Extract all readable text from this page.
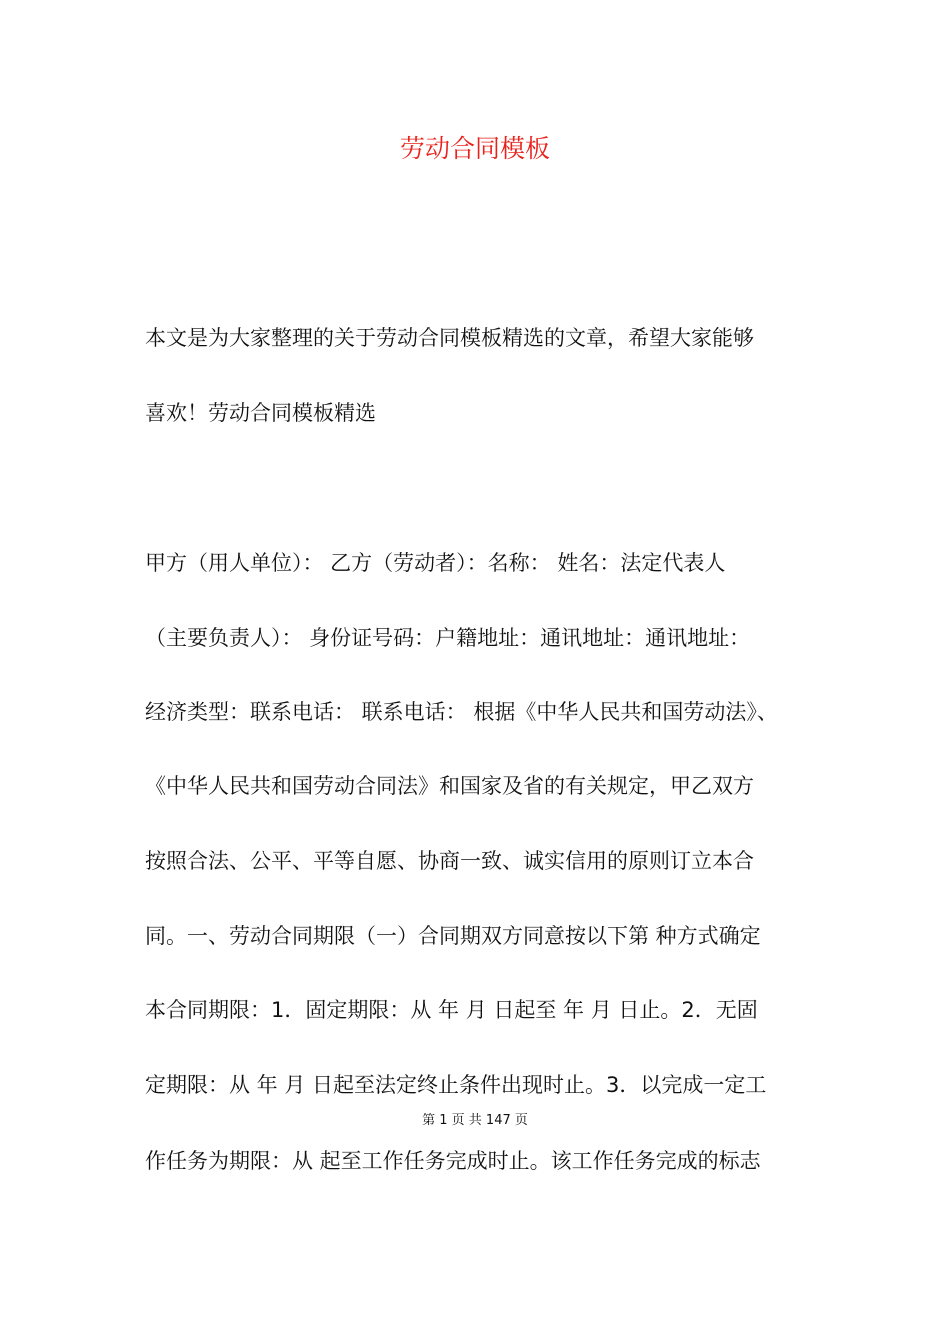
劳动合同模板

本文是为大家整理的关于劳动合同模板精选的文章，希望大家能够

喜欢！劳动合同模板精选

甲方（用人单位）： 乙方（劳动者）：名称： 姓名：法定代表人

（主要负责人）： 身份证号码：户籍地址：通讯地址：通讯地址：

经济类型：联系电话： 联系电话： 根据《中华人民共和国劳动法》、

《中华人民共和国劳动合同法》和国家及省的有关规定，甲乙双方

按照合法、公平、平等自愿、协商一致、诚实信用的原则订立本合

同。一、劳动合同期限（一）合同期双方同意按以下第 种方式确定

本合同期限：1．固定期限：从 年 月 日起至 年 月 日止。2．无固

定期限：从 年 月 日起至法定终止条件出现时止。3．以完成一定工

第 1 页 共 147 页

作任务为期限：从 起至工作任务完成时止。该工作任务完成的标志
